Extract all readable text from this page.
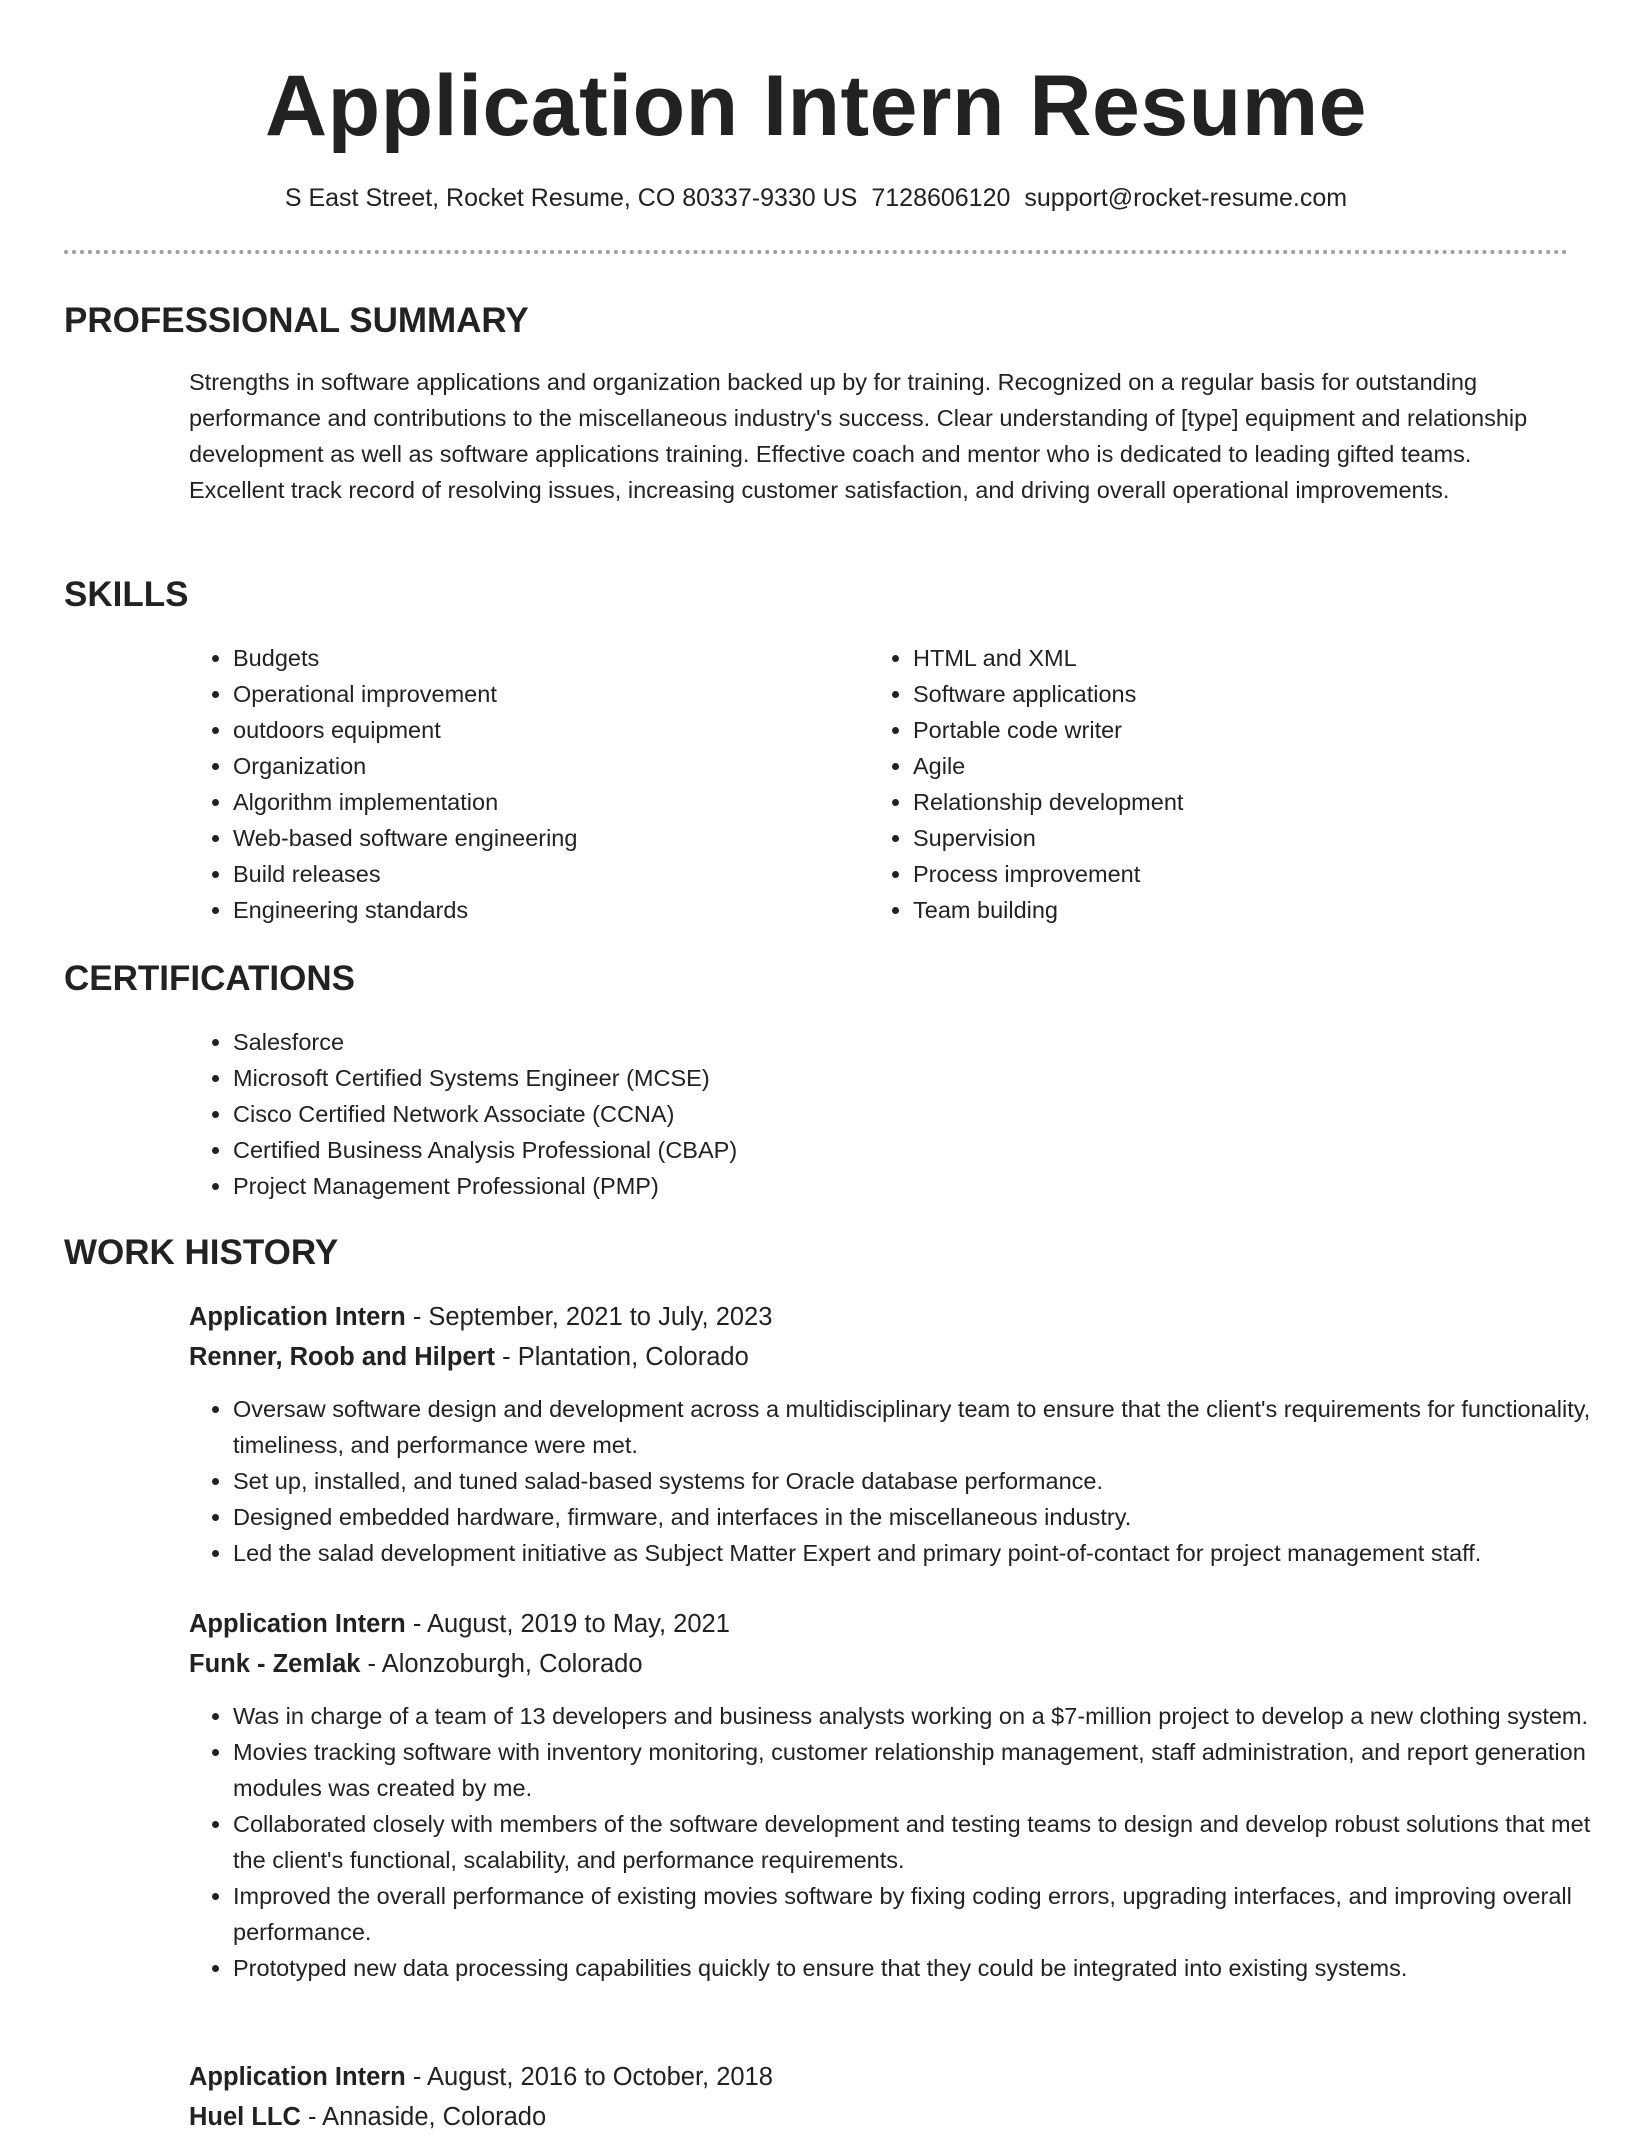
Application Intern Resume
S East Street, Rocket Resume, CO 80337-9330 US 7128606120 support@rocket-resume.com
PROFESSIONAL SUMMARY

Strengths in software applications and organization backed up by for training. Recognized on a regular basis for outstanding performance and contributions to the miscellaneous industry's success. Clear understanding of [type] equipment and relationship development as well as software applications training. Effective coach and mentor who is dedicated to leading gifted teams. Excellent track record of resolving issues, increasing customer satisfaction, and driving overall operational improvements.

SKILLS
• Budgets
• Operational improvement
• outdoors equipment
• Organization
• Algorithm implementation
• Web-based software engineering
• Build releases
• Engineering standards
• HTML and XML
• Software applications
• Portable code writer
• Agile
• Relationship development
• Supervision
• Process improvement
• Team building
CERTIFICATIONS
• Salesforce
• Microsoft Certified Systems Engineer (MCSE)
• Cisco Certified Network Associate (CCNA)
• Certified Business Analysis Professional (CBAP)
• Project Management Professional (PMP)
WORK HISTORY
Application Intern - September, 2021 to July, 2023
Renner, Roob and Hilpert - Plantation, Colorado
• Oversaw software design and development across a multidisciplinary team to ensure that the client's requirements for functionality, timeliness, and performance were met.
• Set up, installed, and tuned salad-based systems for Oracle database performance.
• Designed embedded hardware, firmware, and interfaces in the miscellaneous industry.
• Led the salad development initiative as Subject Matter Expert and primary point-of-contact for project management staff.
Application Intern - August, 2019 to May, 2021
Funk - Zemlak - Alonzoburgh, Colorado
• Was in charge of a team of 13 developers and business analysts working on a $7-million project to develop a new clothing system.
• Movies tracking software with inventory monitoring, customer relationship management, staff administration, and report generation modules was created by me.
• Collaborated closely with members of the software development and testing teams to design and develop robust solutions that met the client's functional, scalability, and performance requirements.
• Improved the overall performance of existing movies software by fixing coding errors, upgrading interfaces, and improving overall performance.
• Prototyped new data processing capabilities quickly to ensure that they could be integrated into existing systems.
Application Intern - August, 2016 to October, 2018
Huel LLC - Annaside, Colorado
